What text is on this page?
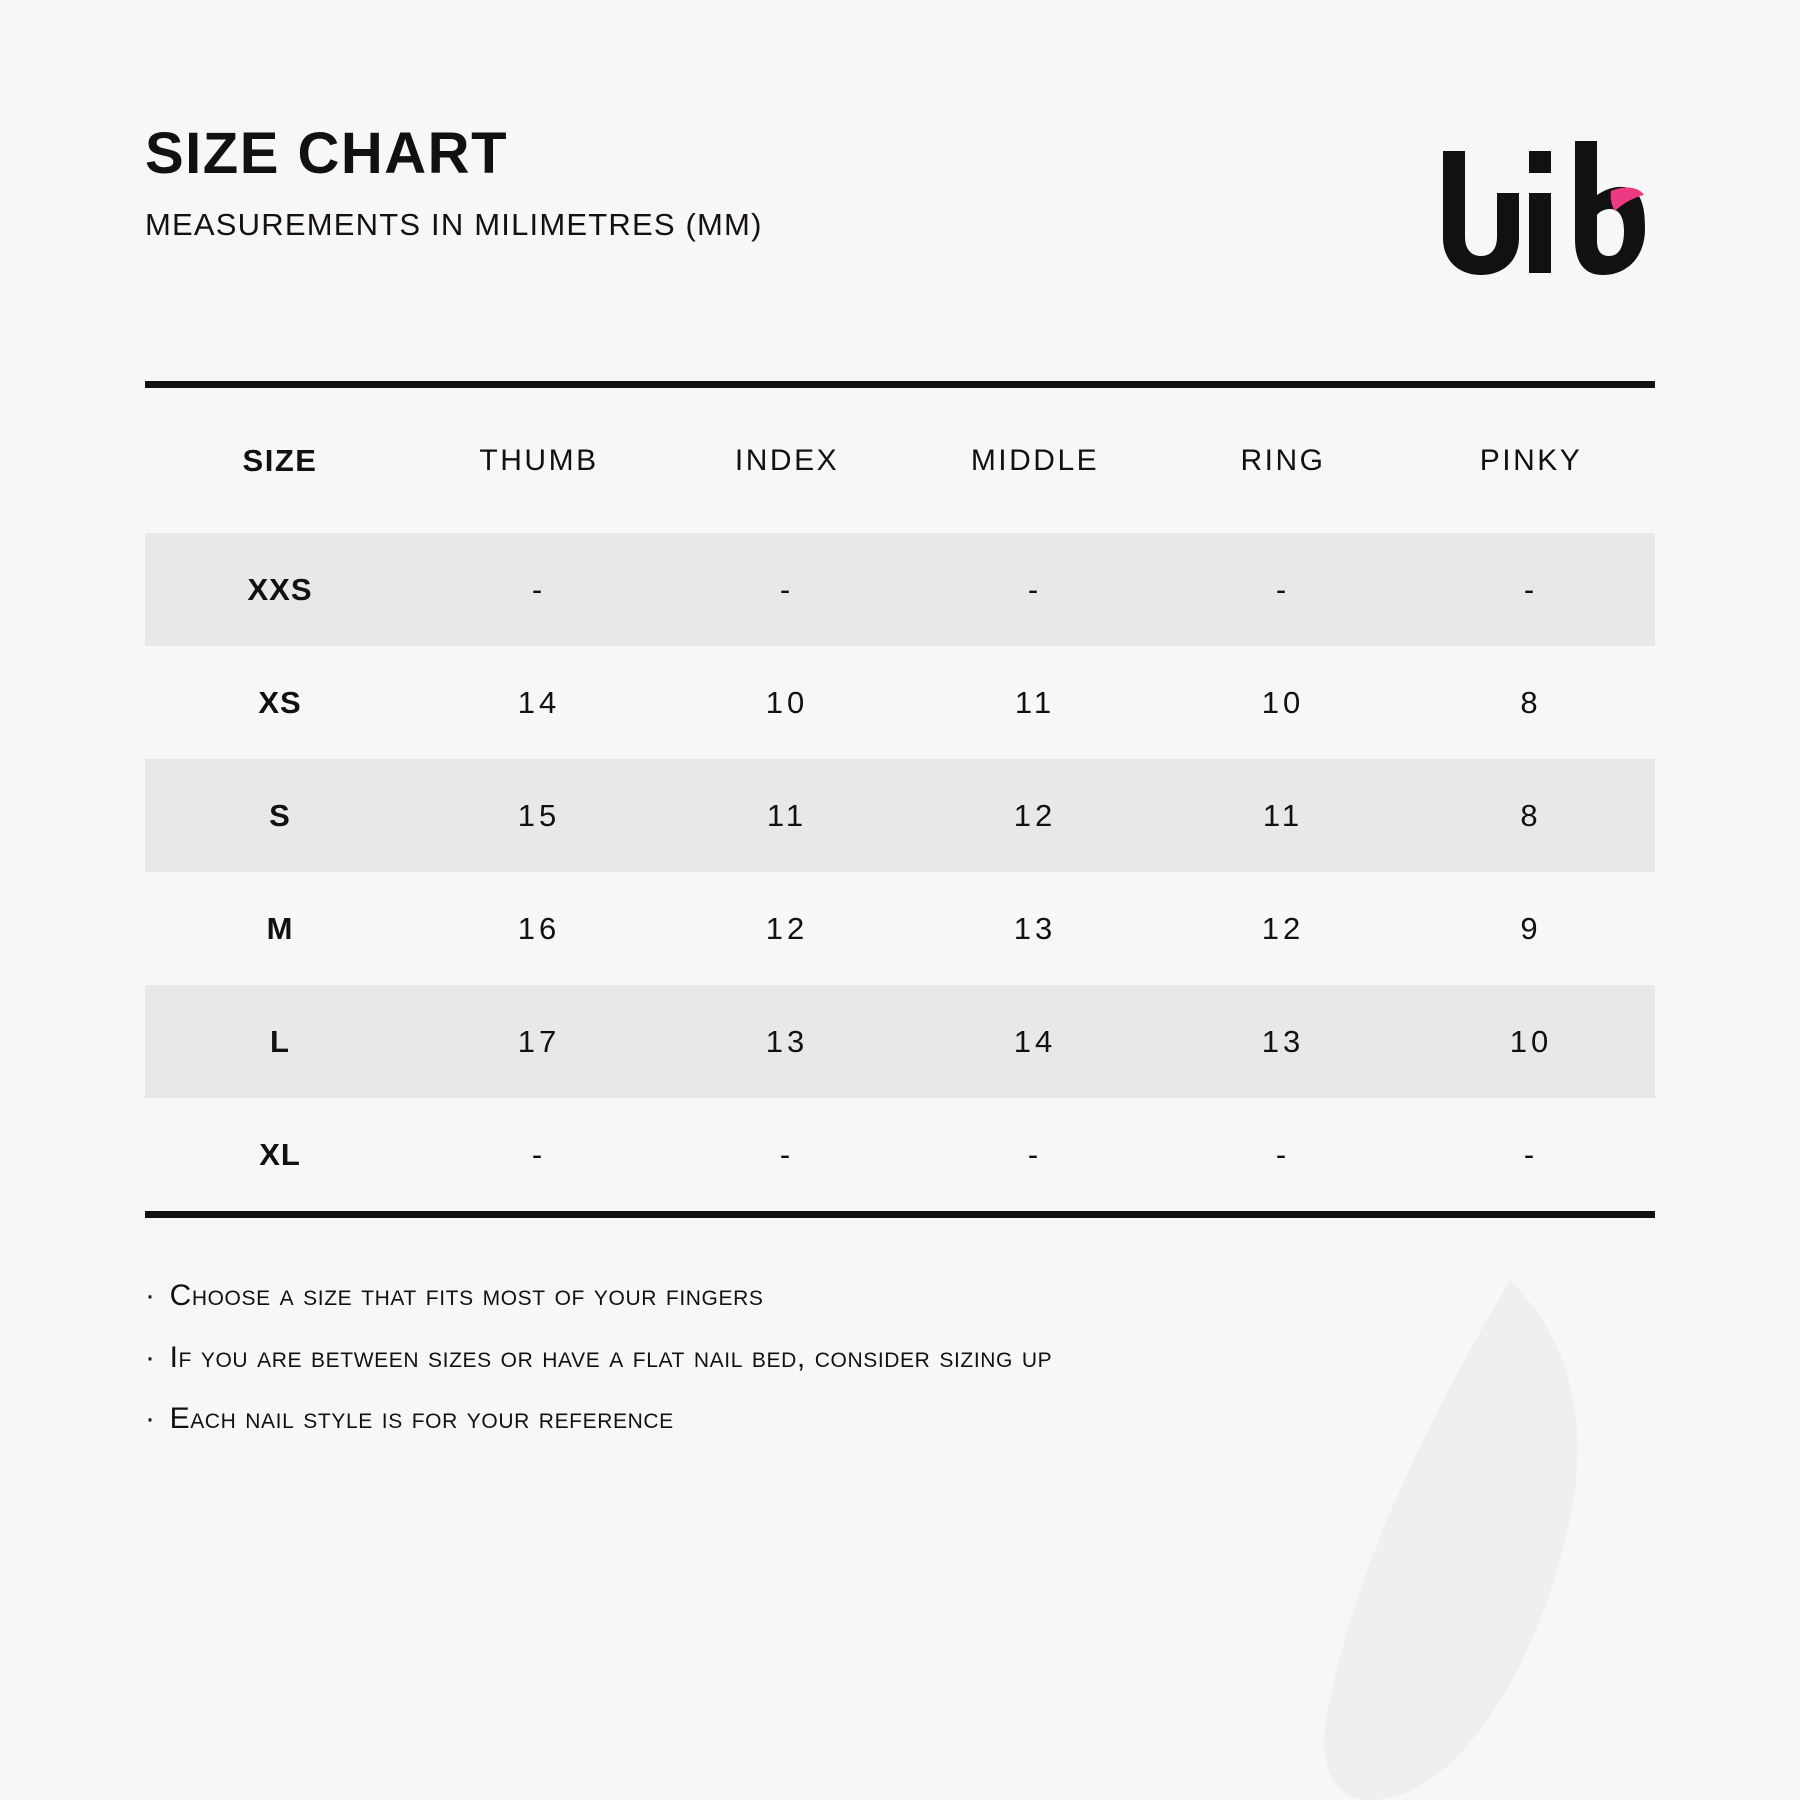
SIZE CHART

MEASUREMENTS IN MILIMETRES (MM)

SIZE	THUMB	INDEX	MIDDLE	RING	PINKY
XXS	-	-	-	-	-
XS	14	10	11	10	8
S	15	11	12	11	8
M	16	12	13	12	9
L	17	13	14	13	10
XL	-	-	-	-	-

· Choose a size that fits most of your fingers

· If you are between sizes or have a flat nail bed, consider sizing up

· Each nail style is for your reference
